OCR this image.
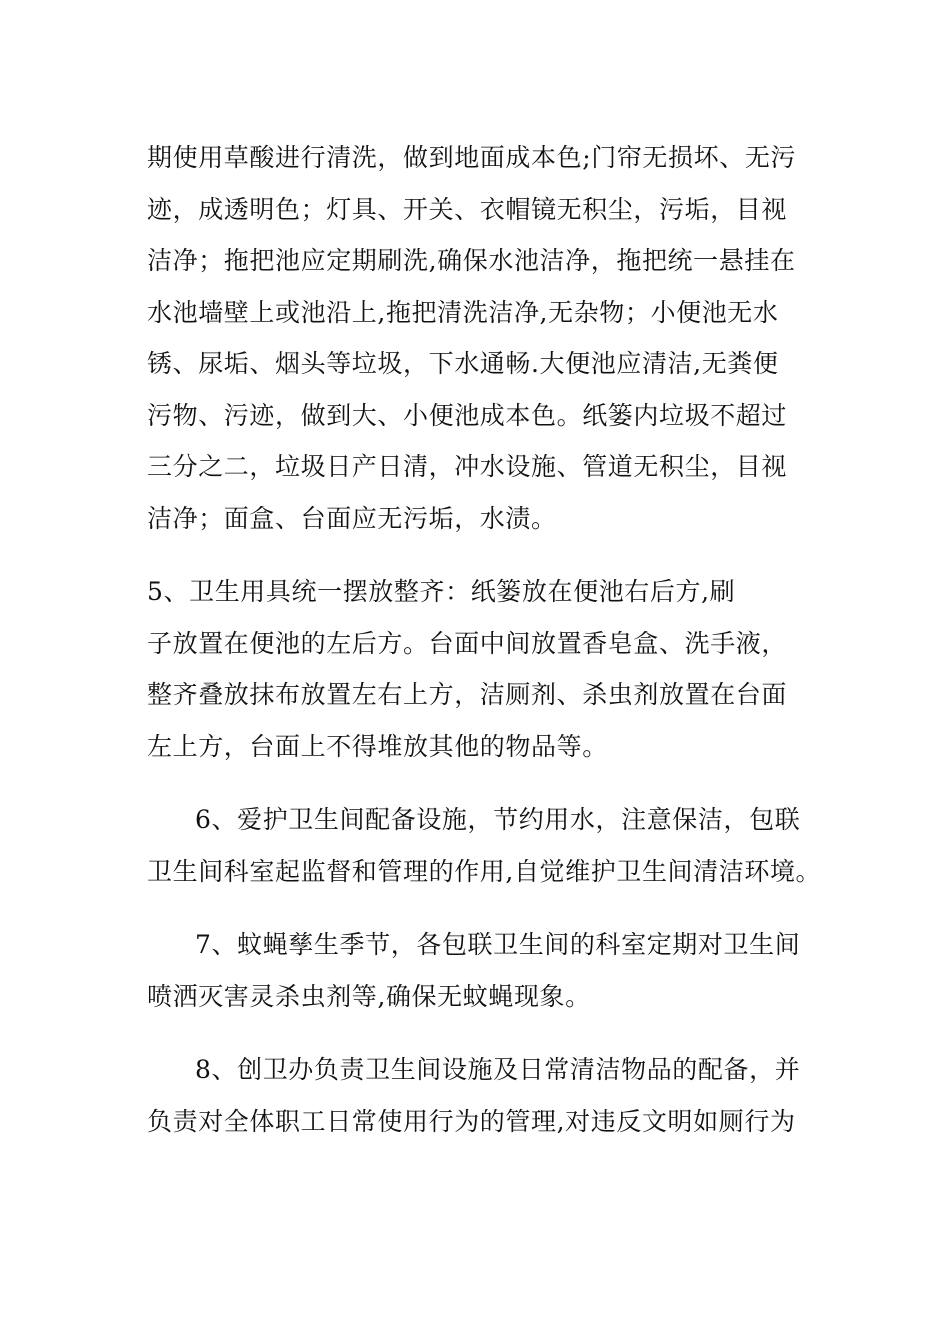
期使用草酸进行清洗，做到地面成本色;门帘无损坏、无污
迹，成透明色；灯具、开关、衣帽镜无积尘，污垢，目视
洁净；拖把池应定期刷洗,确保水池洁净，拖把统一悬挂在
水池墙壁上或池沿上,拖把清洗洁净,无杂物；小便池无水
锈、尿垢、烟头等垃圾，下水通畅.大便池应清洁,无粪便
污物、污迹，做到大、小便池成本色。纸篓内垃圾不超过
三分之二，垃圾日产日清，冲水设施、管道无积尘，目视
洁净；面盒、台面应无污垢，水渍。
5、卫生用具统一摆放整齐：纸篓放在便池右后方,刷
子放置在便池的左后方。台面中间放置香皂盒、洗手液，
整齐叠放抹布放置左右上方，洁厕剂、杀虫剂放置在台面
左上方，台面上不得堆放其他的物品等。
6、爱护卫生间配备设施，节约用水，注意保洁，包联
卫生间科室起监督和管理的作用,自觉维护卫生间清洁环境。
7、蚊蝇孳生季节，各包联卫生间的科室定期对卫生间
喷洒灭害灵杀虫剂等,确保无蚊蝇现象。
8、创卫办负责卫生间设施及日常清洁物品的配备，并
负责对全体职工日常使用行为的管理,对违反文明如厕行为
